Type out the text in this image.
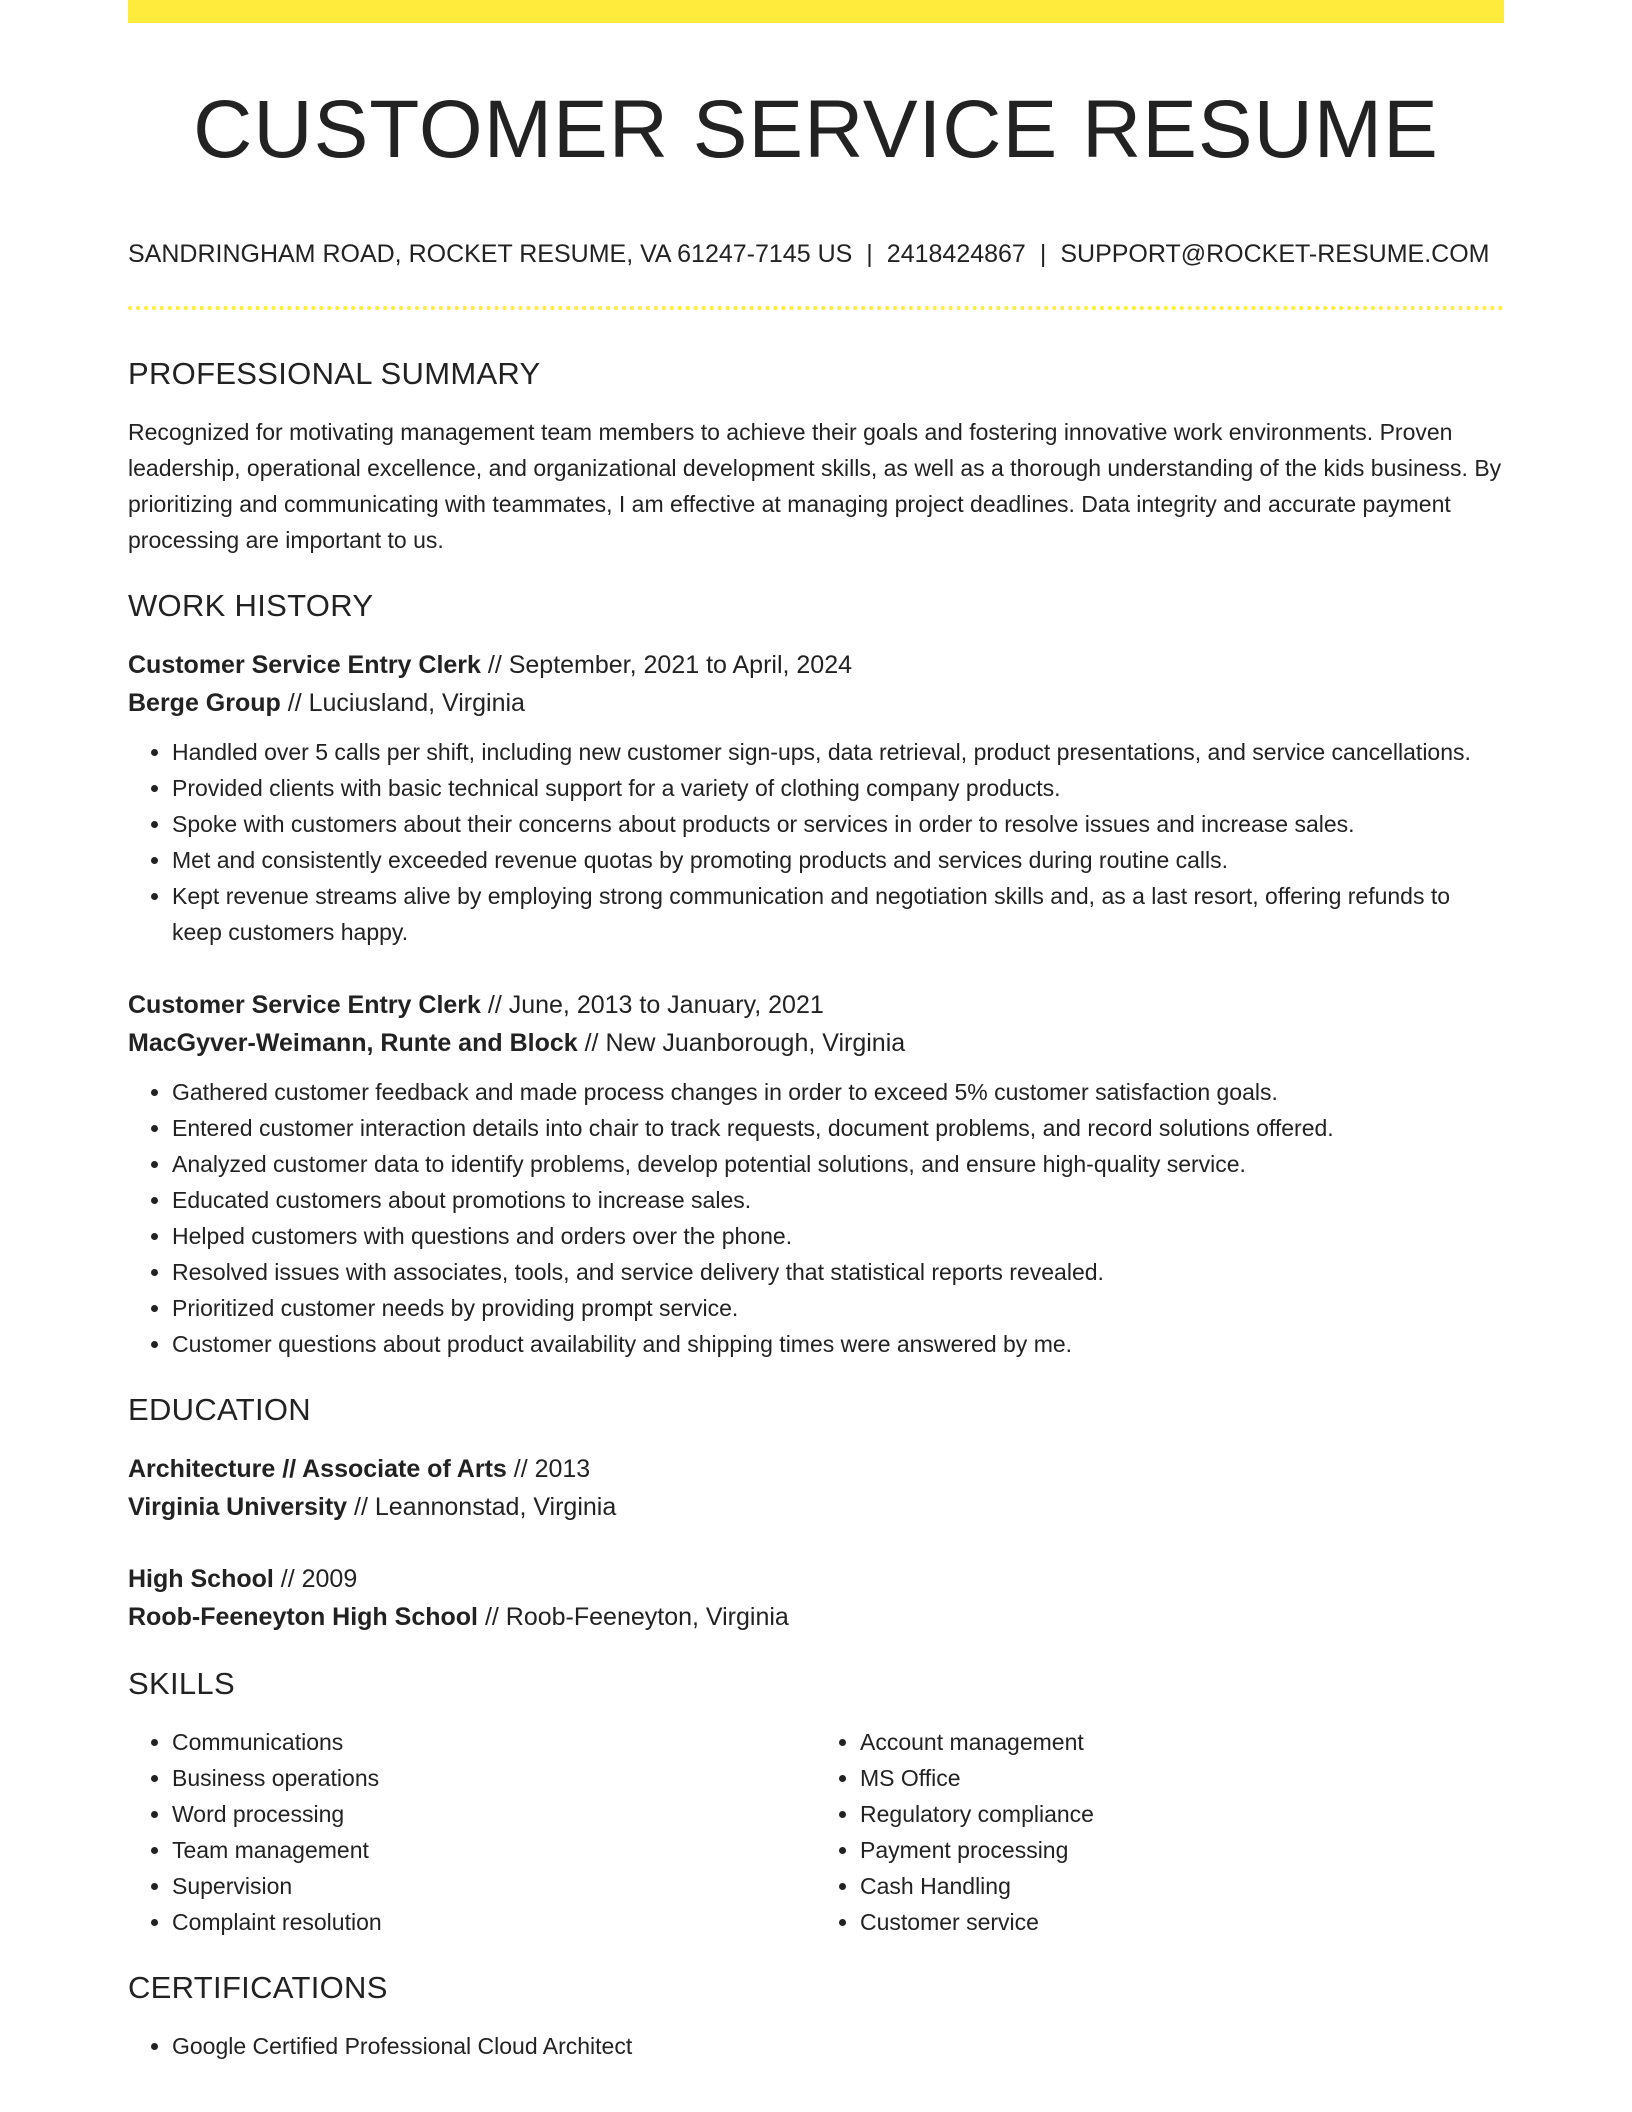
CUSTOMER SERVICE RESUME
SANDRINGHAM ROAD, ROCKET RESUME, VA 61247-7145 US | 2418424867 | SUPPORT@ROCKET-RESUME.COM
PROFESSIONAL SUMMARY

Recognized for motivating management team members to achieve their goals and fostering innovative work environments. Proven leadership, operational excellence, and organizational development skills, as well as a thorough understanding of the kids business. By prioritizing and communicating with teammates, I am effective at managing project deadlines. Data integrity and accurate payment processing are important to us.

WORK HISTORY
Customer Service Entry Clerk // September, 2021 to April, 2024
Berge Group // Luciusland, Virginia
• Handled over 5 calls per shift, including new customer sign-ups, data retrieval, product presentations, and service cancellations.
• Provided clients with basic technical support for a variety of clothing company products.
• Spoke with customers about their concerns about products or services in order to resolve issues and increase sales.
• Met and consistently exceeded revenue quotas by promoting products and services during routine calls.
• Kept revenue streams alive by employing strong communication and negotiation skills and, as a last resort, offering refunds to keep customers happy.
Customer Service Entry Clerk // June, 2013 to January, 2021
MacGyver-Weimann, Runte and Block // New Juanborough, Virginia
• Gathered customer feedback and made process changes in order to exceed 5% customer satisfaction goals.
• Entered customer interaction details into chair to track requests, document problems, and record solutions offered.
• Analyzed customer data to identify problems, develop potential solutions, and ensure high-quality service.
• Educated customers about promotions to increase sales.
• Helped customers with questions and orders over the phone.
• Resolved issues with associates, tools, and service delivery that statistical reports revealed.
• Prioritized customer needs by providing prompt service.
• Customer questions about product availability and shipping times were answered by me.
EDUCATION
Architecture // Associate of Arts // 2013
Virginia University // Leannonstad, Virginia
High School // 2009
Roob-Feeneyton High School // Roob-Feeneyton, Virginia
SKILLS
• Communications
• Business operations
• Word processing
• Team management
• Supervision
• Complaint resolution
• Account management
• MS Office
• Regulatory compliance
• Payment processing
• Cash Handling
• Customer service
CERTIFICATIONS
• Google Certified Professional Cloud Architect
